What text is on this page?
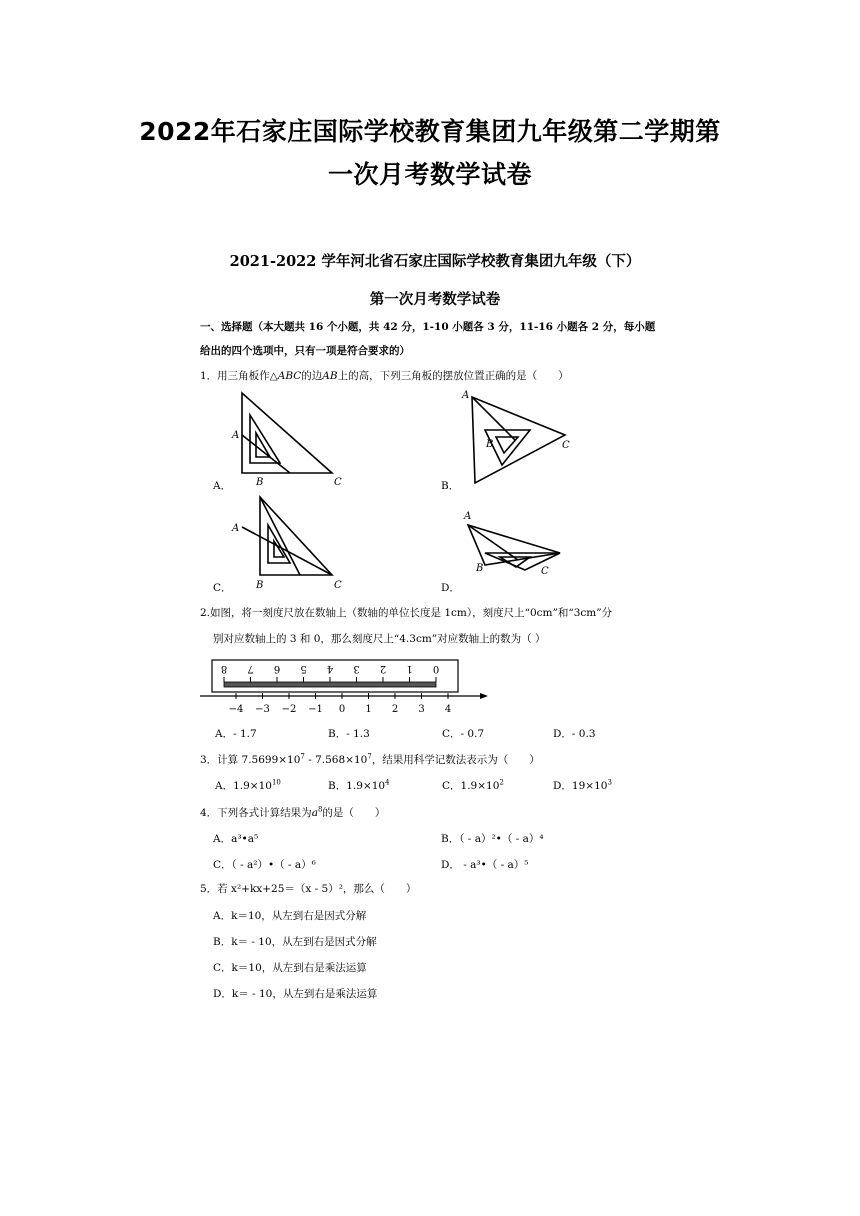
2022年石家庄国际学校教育集团九年级第二学期第
一次月考数学试卷
2021-2022 学年河北省石家庄国际学校教育集团九年级（下）
第一次月考数学试卷
一、选择题（本大题共 16 个小题，共 42 分，1-10 小题各 3 分，11-16 小题各 2 分，每小题
给出的四个选项中，只有一项是符合要求的）
1．用三角板作△ABC的边AB上的高，下列三角板的摆放位置正确的是（　　）
A
B	C
A
B	C
A
B	C
A
B	C
A．	B．
C．	D．
2.如图，将一刻度尺放在数轴上（数轴的单位长度是 1cm），刻度尺上“0cm”和“3cm”分
别对应数轴上的 3 和 0，那么刻度尺上“4.3cm”对应数轴上的数为（ ）
8 7 6 5 4 3 2 1 0
−4 −3 −2 −1 0 1 2 3 4
A．- 1.7	B．- 1.3	C．- 0.7	D．- 0.3
3．计算 $7.5699\times 10^7 - 7.568\times 10^7$，结果用科学记数法表示为（　　）
A．$1.9\times 10^{10}$	B．$1.9\times 10^4$	C．$1.9\times 10^2$	D．$19\times 10^3$
4．下列各式计算结果为$a^8$的是（　　）
A．a³•a⁵	B．（ - a）²•（ - a）⁴
C．（ - a²）•（ - a）⁶	D． - a³•（ - a）⁵
5．若 x²+kx+25＝（x - 5）²，那么（　　）
A．k＝10，从左到右是因式分解
B．k＝ - 10，从左到右是因式分解
C．k＝10，从左到右是乘法运算
D．k＝ - 10，从左到右是乘法运算
